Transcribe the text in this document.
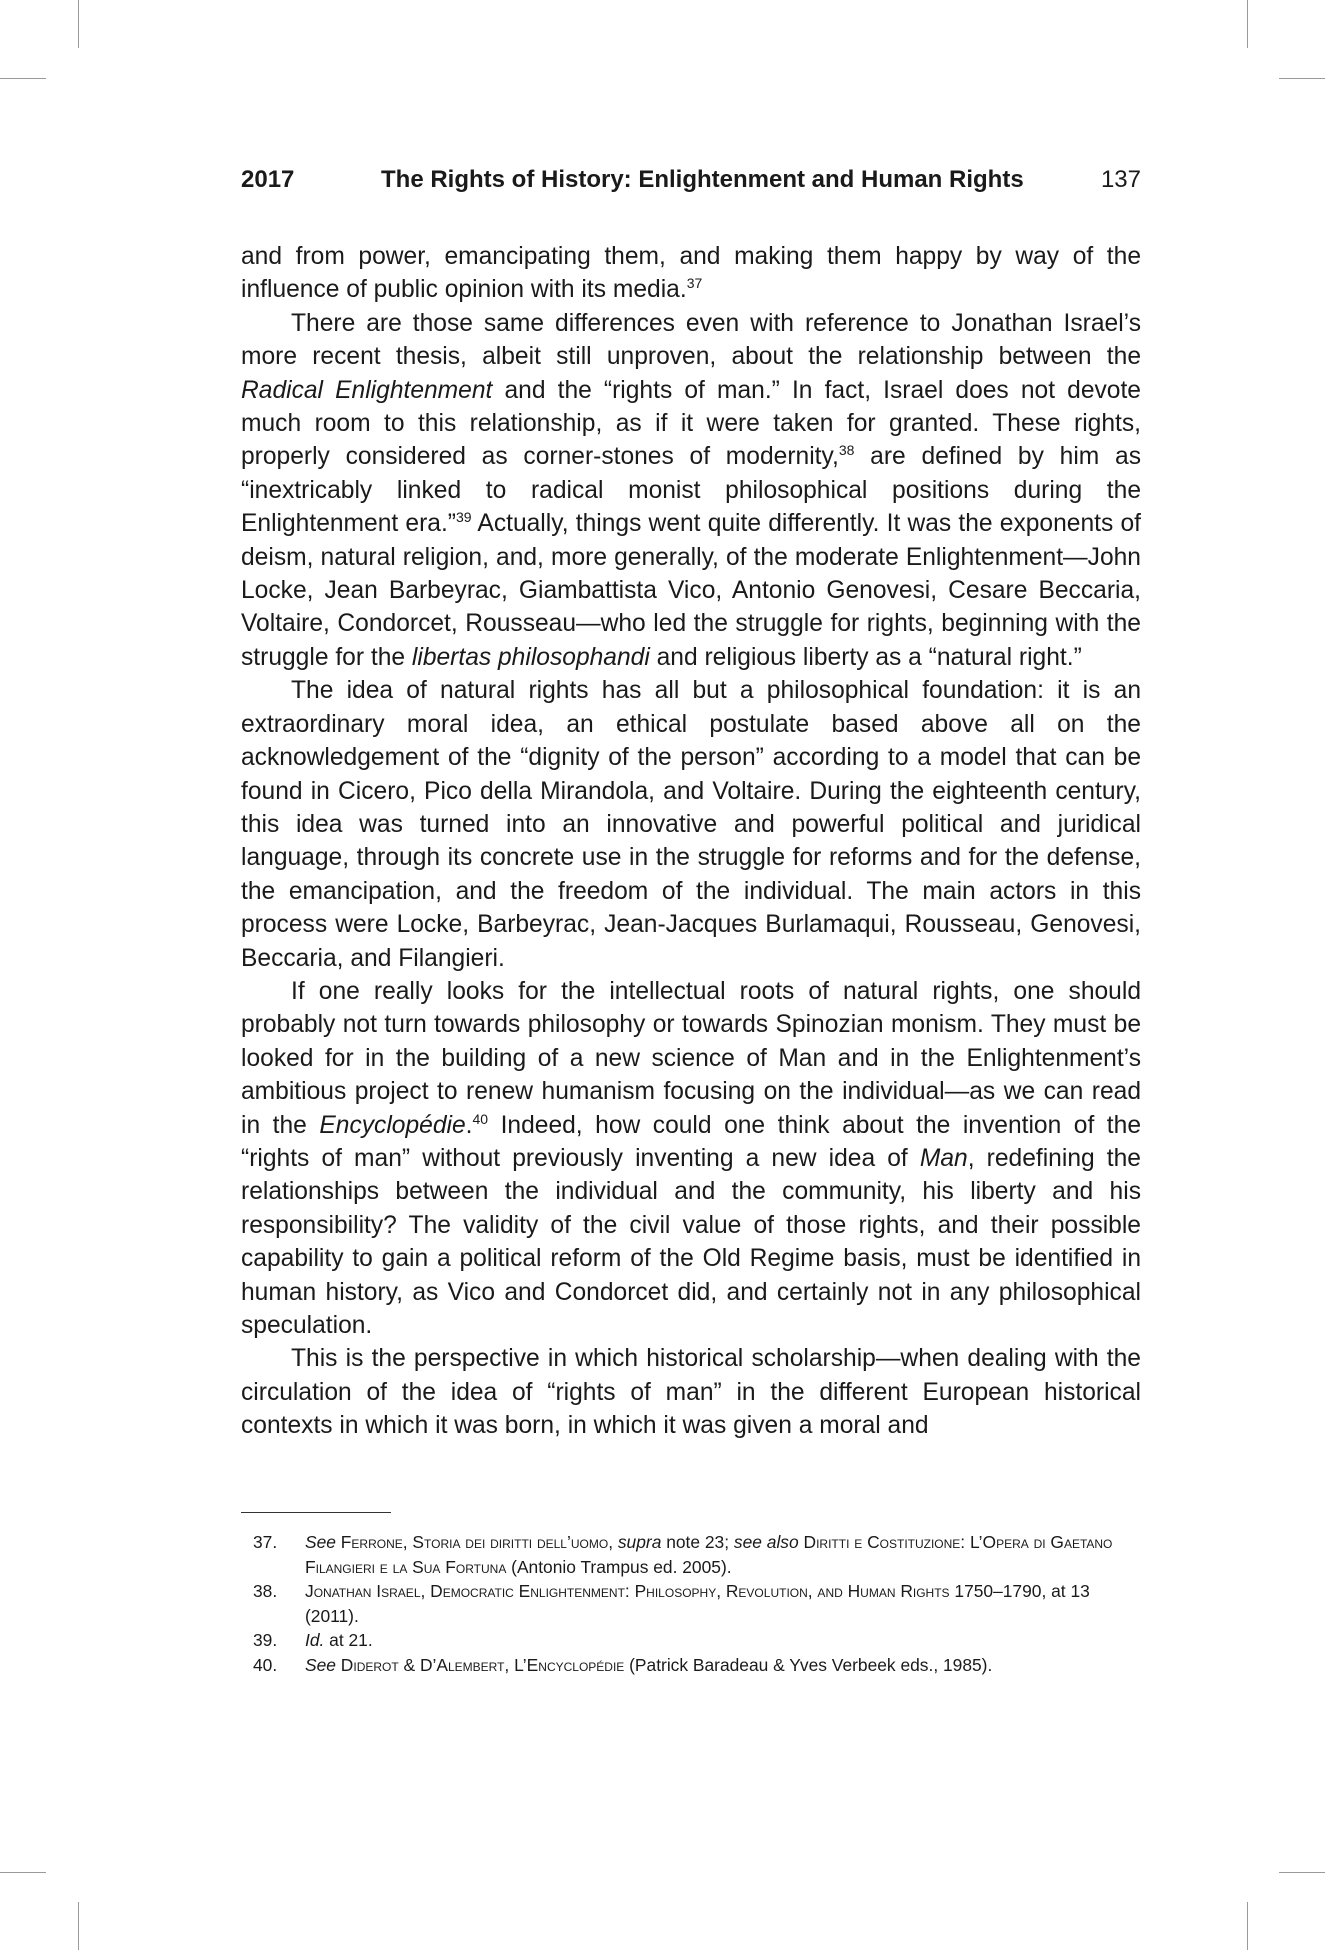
2017	The Rights of History: Enlightenment and Human Rights	137

and from power, emancipating them, and making them happy by way of the influence of public opinion with its media.$^{37}$

There are those same differences even with reference to Jonathan Israel’s more recent thesis, albeit still unproven, about the relationship between the Radical Enlightenment and the “rights of man.” In fact, Israel does not devote much room to this relationship, as if it were taken for granted. These rights, properly considered as corner-stones of modernity,$^{38}$ are defined by him as “inextricably linked to radical monist philosophical positions during the Enlightenment era.”$^{39}$ Actually, things went quite differently. It was the exponents of deism, natural religion, and, more generally, of the moderate Enlightenment—John Locke, Jean Barbeyrac, Giambattista Vico, Antonio Genovesi, Cesare Beccaria, Voltaire, Condorcet, Rousseau—who led the struggle for rights, beginning with the struggle for the libertas philosophandi and religious liberty as a “natural right.”

The idea of natural rights has all but a philosophical foundation: it is an extraordinary moral idea, an ethical postulate based above all on the acknowledgement of the “dignity of the person” according to a model that can be found in Cicero, Pico della Mirandola, and Voltaire. During the eighteenth century, this idea was turned into an innovative and powerful political and juridical language, through its concrete use in the struggle for reforms and for the defense, the emancipation, and the freedom of the individual. The main actors in this process were Locke, Barbeyrac, Jean-Jacques Burlamaqui, Rousseau, Genovesi, Beccaria, and Filangieri.

If one really looks for the intellectual roots of natural rights, one should probably not turn towards philosophy or towards Spinozian monism. They must be looked for in the building of a new science of Man and in the Enlightenment’s ambitious project to renew humanism focusing on the individual—as we can read in the Encyclopédie.$^{40}$ Indeed, how could one think about the invention of the “rights of man” without previously inventing a new idea of Man, redefining the relationships between the individual and the community, his liberty and his responsibility? The validity of the civil value of those rights, and their possible capability to gain a political reform of the Old Regime basis, must be identified in human history, as Vico and Condorcet did, and certainly not in any philosophical speculation.

This is the perspective in which historical scholarship—when dealing with the circulation of the idea of “rights of man” in the different European historical contexts in which it was born, in which it was given a moral and

37. See Ferrone, Storia dei diritti dell’uomo, supra note 23; see also Diritti e Costituzione: L’Opera di Gaetano Filangieri e la Sua Fortuna (Antonio Trampus ed. 2005).

38. Jonathan Israel, Democratic Enlightenment: Philosophy, Revolution, and Human Rights 1750–1790, at 13 (2011).

39. Id. at 21.

40. See Diderot & D’Alembert, L’Encyclopédie (Patrick Baradeau & Yves Verbeek eds., 1985).
